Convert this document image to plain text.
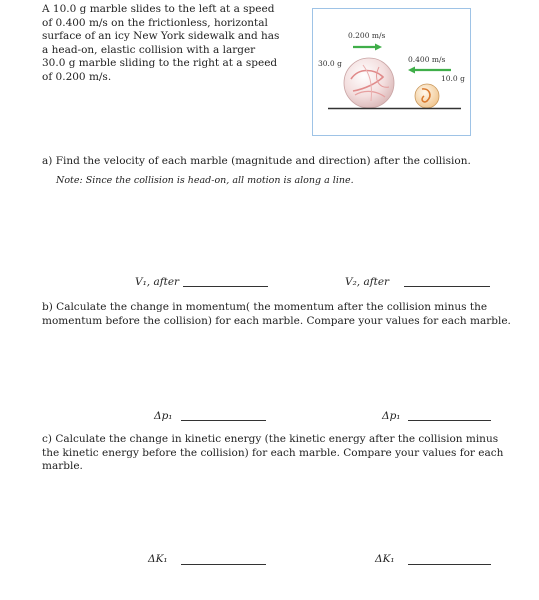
A 10.0 g marble slides to the left at a speed of 0.400 m/s on the frictionless, horizontal surface of an icy New York sidewalk and has a head-on, elastic collision with a larger 30.0 g marble sliding to the right at a speed of 0.200 m/s.
0.200 m/s
0.400 m/s
30.0 g
10.0 g
a) Find the velocity of each marble (magnitude and direction) after the collision.
Note: Since the collision is head-on, all motion is along a line.
V₁, after	V₂, after
b) Calculate the change in momentum( the momentum after the collision minus the momentum before the collision) for each marble. Compare your values for each marble.
Δp₁	Δp₁
c) Calculate the change in kinetic energy (the kinetic energy after the collision minus the kinetic energy before the collision) for each marble. Compare your values for each marble.
ΔK₁	ΔK₁
